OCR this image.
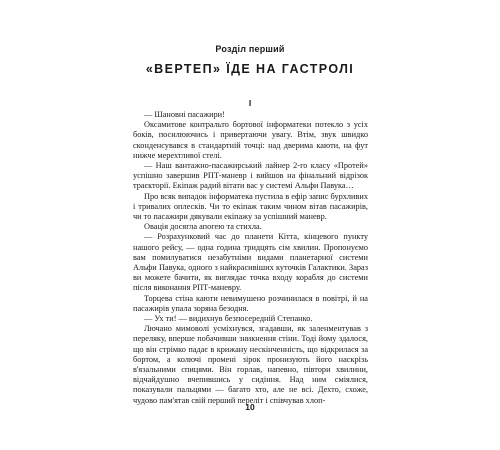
Розділ перший
«ВЕРТЕП» ЇДЕ НА ГАСТРОЛІ
I

— Шановні пасажири!

Оксамитове контральто бортової інформатеки потекло з усіх боків, посилюючись і привертаючи увагу. Втім, звук швидко сконденсувався в стандартній точці: над дверима каюти, на фут нижче мерехтливої стелі.

— Наш вантажно-пасажирський лайнер 2-го класу «Протей» успішно завершив РПТ-маневр і вийшов на фінальний відрізок траєкторії. Екіпаж радий вітати вас у системі Альфи Павука…

Про всяк випадок інформатека пустила в ефір запис бурхливих і тривалих оплесків. Чи то екіпаж таким чином вітав пасажирів, чи то пасажири дякували екіпажу за успішний маневр.

Овація досягла апогею та стихла.

— Розрахунковий час до планети Кітта, кінцевого пункту нашого рейсу, — одна година тридцять сім хвилин. Пропонуємо вам помилуватися незабутніми видами планетарної системи Альфи Павука, одного з найкрасивіших куточків Галактики. Зараз ви можете бачити, як виглядає точка входу корабля до системи після виконання РПТ-маневру.

Торцева стіна каюти невимушено розчинилася в повітрі, й на пасажирів упала зоряна безодня.

— Ух ти! — видихнув безпосередній Степанко.

Лючано мимоволі усміхнувся, згадавши, як заленментував з переляку, вперше побачивши зникнення стіни. Тоді йому здалося, що він стрімко падає в крижану нескінченність, що відкрилася за бортом, а колючі промені зірок пронизують його наскрізь в'язальними спицями. Він горлав, напевно, півтори хвилини, відчайдушно вчепившись у сидіння. Над ним сміялися, показували пальцями — багато хто, але не всі. Дехто, схоже, чудово пам'ятав свій перший переліт і співчував хлоп-

10
